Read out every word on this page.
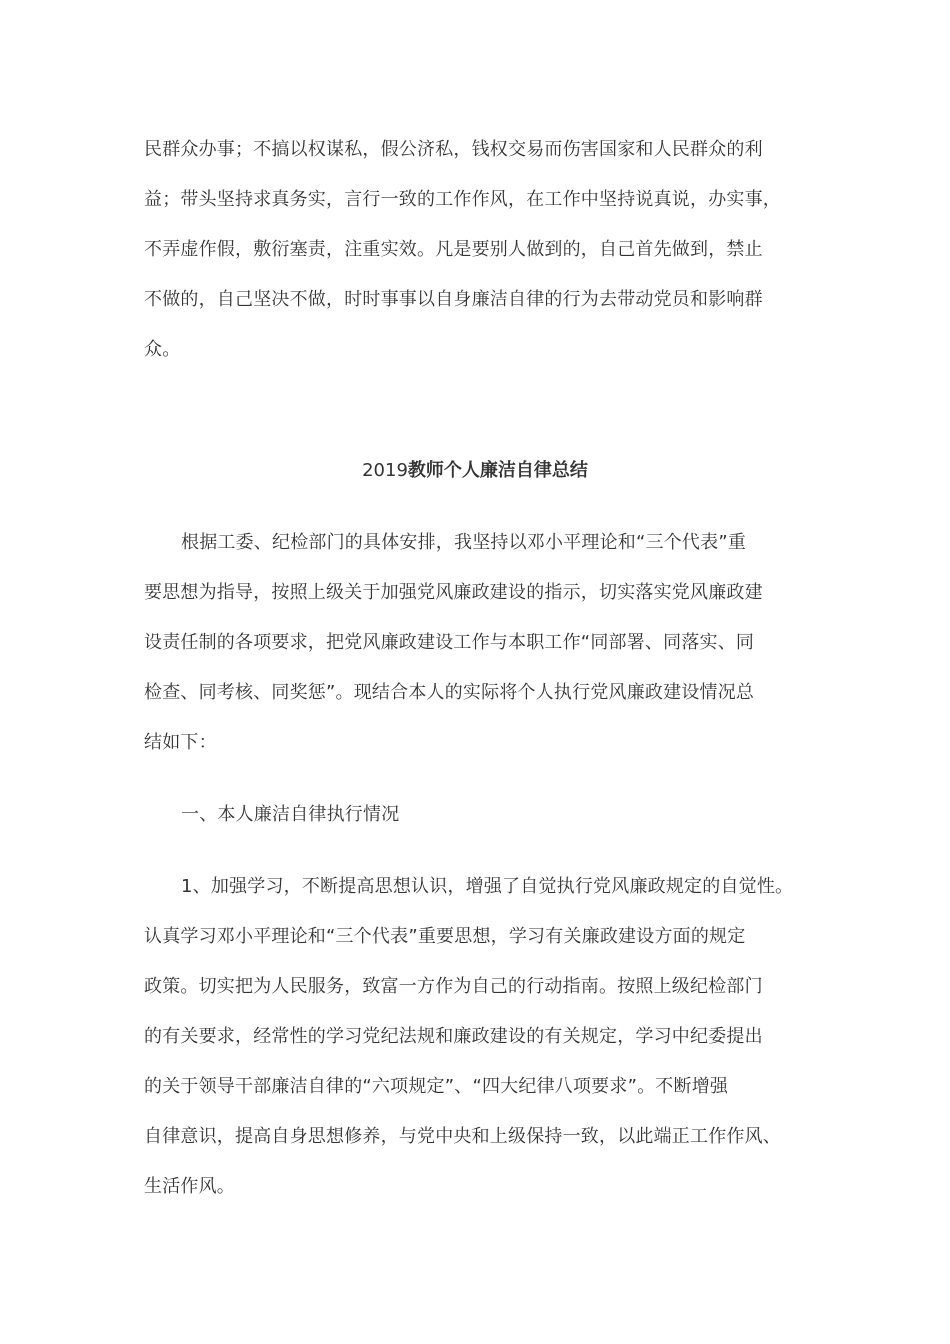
民群众办事；不搞以权谋私，假公济私，钱权交易而伤害国家和人民群众的利
益；带头坚持求真务实，言行一致的工作作风，在工作中坚持说真说，办实事，
不弄虚作假，敷衍塞责，注重实效。凡是要别人做到的，自己首先做到，禁止
不做的，自己坚决不做，时时事事以自身廉洁自律的行为去带动党员和影响群
众。
2019教师个人廉洁自律总结
根据工委、纪检部门的具体安排，我坚持以邓小平理论和“三个代表”重
要思想为指导，按照上级关于加强党风廉政建设的指示，切实落实党风廉政建
设责任制的各项要求，把党风廉政建设工作与本职工作“同部署、同落实、同
检查、同考核、同奖惩”。现结合本人的实际将个人执行党风廉政建设情况总
结如下：
一、本人廉洁自律执行情况
1、加强学习，不断提高思想认识，增强了自觉执行党风廉政规定的自觉性。
认真学习邓小平理论和“三个代表”重要思想，学习有关廉政建设方面的规定
政策。切实把为人民服务，致富一方作为自己的行动指南。按照上级纪检部门
的有关要求，经常性的学习党纪法规和廉政建设的有关规定，学习中纪委提出
的关于领导干部廉洁自律的“六项规定”、“四大纪律八项要求”。不断增强
自律意识，提高自身思想修养，与党中央和上级保持一致，以此端正工作作风、
生活作风。
